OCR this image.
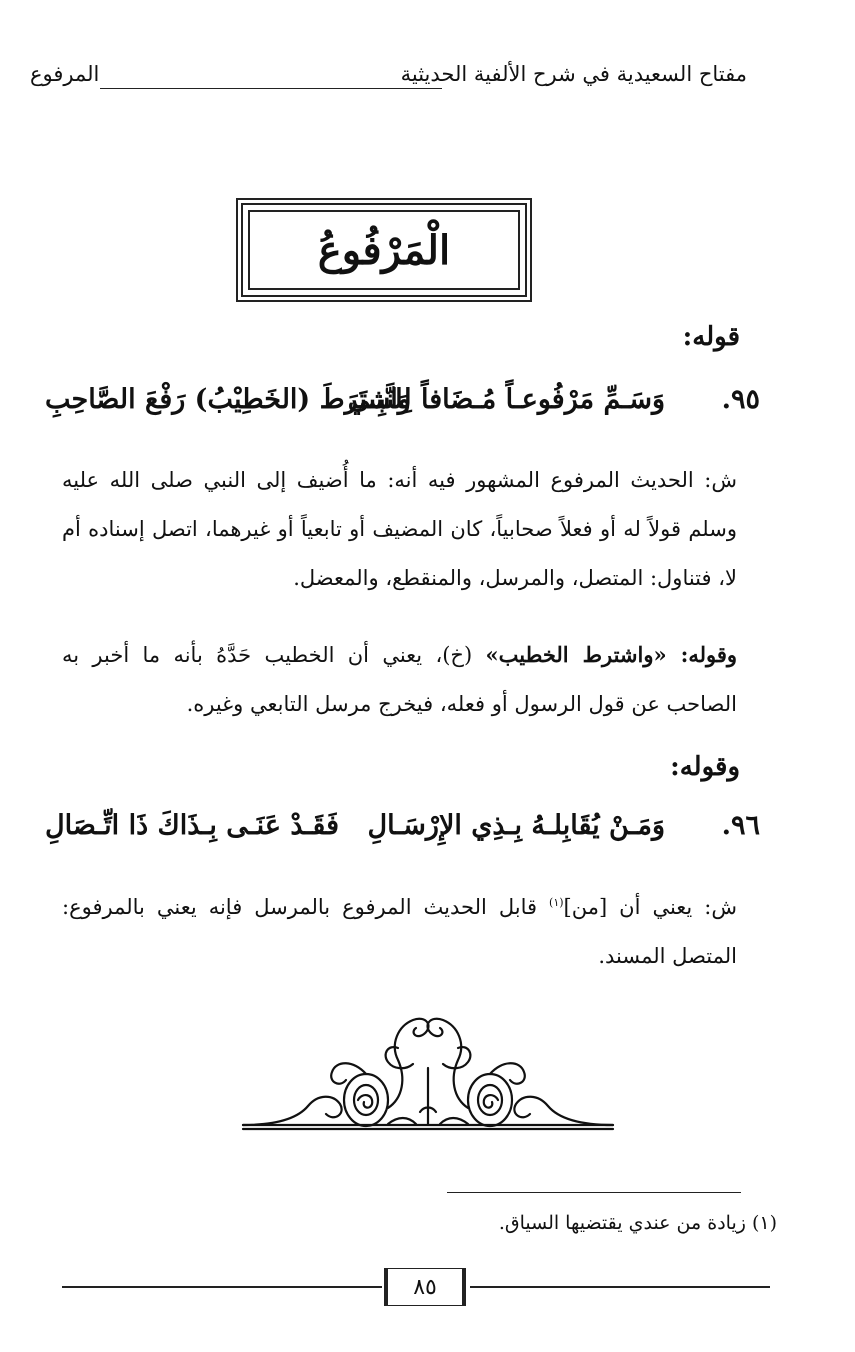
مفتاح السعيدية في شرح الألفية الحديثية
المرفوع
الْمَرْفُوعُ
قوله:
٩٥.
وَسَـمِّ مَرْفُوعـاً مُـضَافاً لِلنَّبِـي
وَاشتَرَطَ (الخَطِيْبُ) رَفْعَ الصَّاحِبِ
ش: الحديث المرفوع المشهور فيه أنه: ما أُضيف إلى النبي صلى الله عليه وسلم قولاً له أو فعلاً صحابياً، كان المضيف أو تابعياً أو غيرهما، اتصل إسناده أم لا، فتناول: المتصل، والمرسل، والمنقطع، والمعضل.
وقوله: «واشترط الخطيب» (خ)، يعني أن الخطيب حَدَّهُ بأنه ما أخبر به الصاحب عن قول الرسول أو فعله، فيخرج مرسل التابعي وغيره.
وقوله:
٩٦.
وَمَـنْ يُقَابِلـهُ بِـذِي الإِرْسَـالِ
فَقَـدْ عَنَـى بِـذَاكَ ذَا اتِّـصَالِ
ش: يعني أن [من]$^{(١)}$ قابل الحديث المرفوع بالمرسل فإنه يعني بالمرفوع: المتصل المسند.
(١) زيادة من عندي يقتضيها السياق.
٨٥
